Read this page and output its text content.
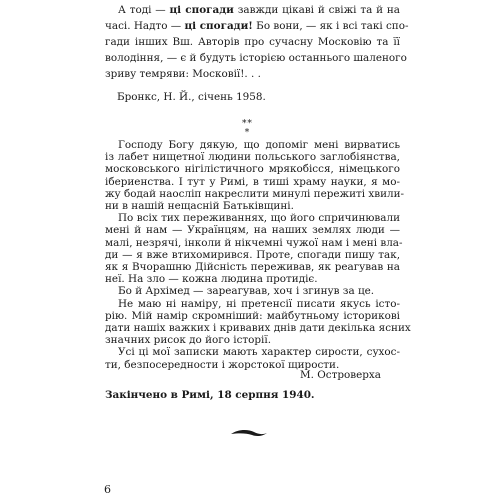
А тоді — ці спогади завжди цікаві й свіжі та й на
часі. Надто — ці спогади! Бо вони, — як і всі такі спо-
гади інших Вш. Авторів про сучасну Московію та її
володіння, — є й будуть історією останнього шаленого
зриву темряви: Московії!. . .
Бронкс, Н. Й., січень 1958.
* *
*
Господу Богу дякую, що допоміг мені вирватись
із лабет нищетної людини польського заглобіянства,
московського нігілістичного мрякобісся, німецького
ібериенства. І тут у Римі, в тиші храму науки, я мо-
жу бодай наосліп накреслити минулі пережиті хвили-
ни в нашій нещасній Батьківщині.
По всіх тих переживаннях, що його спричинювали
мені й нам — Українцям, на наших землях люди —
малі, незрячі, інколи й нікчемні чужої нам і мені вла-
ди — я вже втихомирився. Проте, спогади пишу так,
як я Вчорашню Дійсність переживав, як реагував на
неї. На зло — кожна людина протидіє.
Бо й Архімед — зареагував, хоч і згинув за це.
Не маю ні наміру, ні претенсії писати якусь істо-
рію. Мій намір скромніший: майбутньому історикові
дати нашіх важких і кривавих днів дати декілька ясних
значних рисок до його історії.
Усі ці мої записки мають характер сирости, сухос-
ти, безпосередности і жорстокої щирости.
М. Островерха
Закінчено в Римі, 18 серпня 1940.
6
